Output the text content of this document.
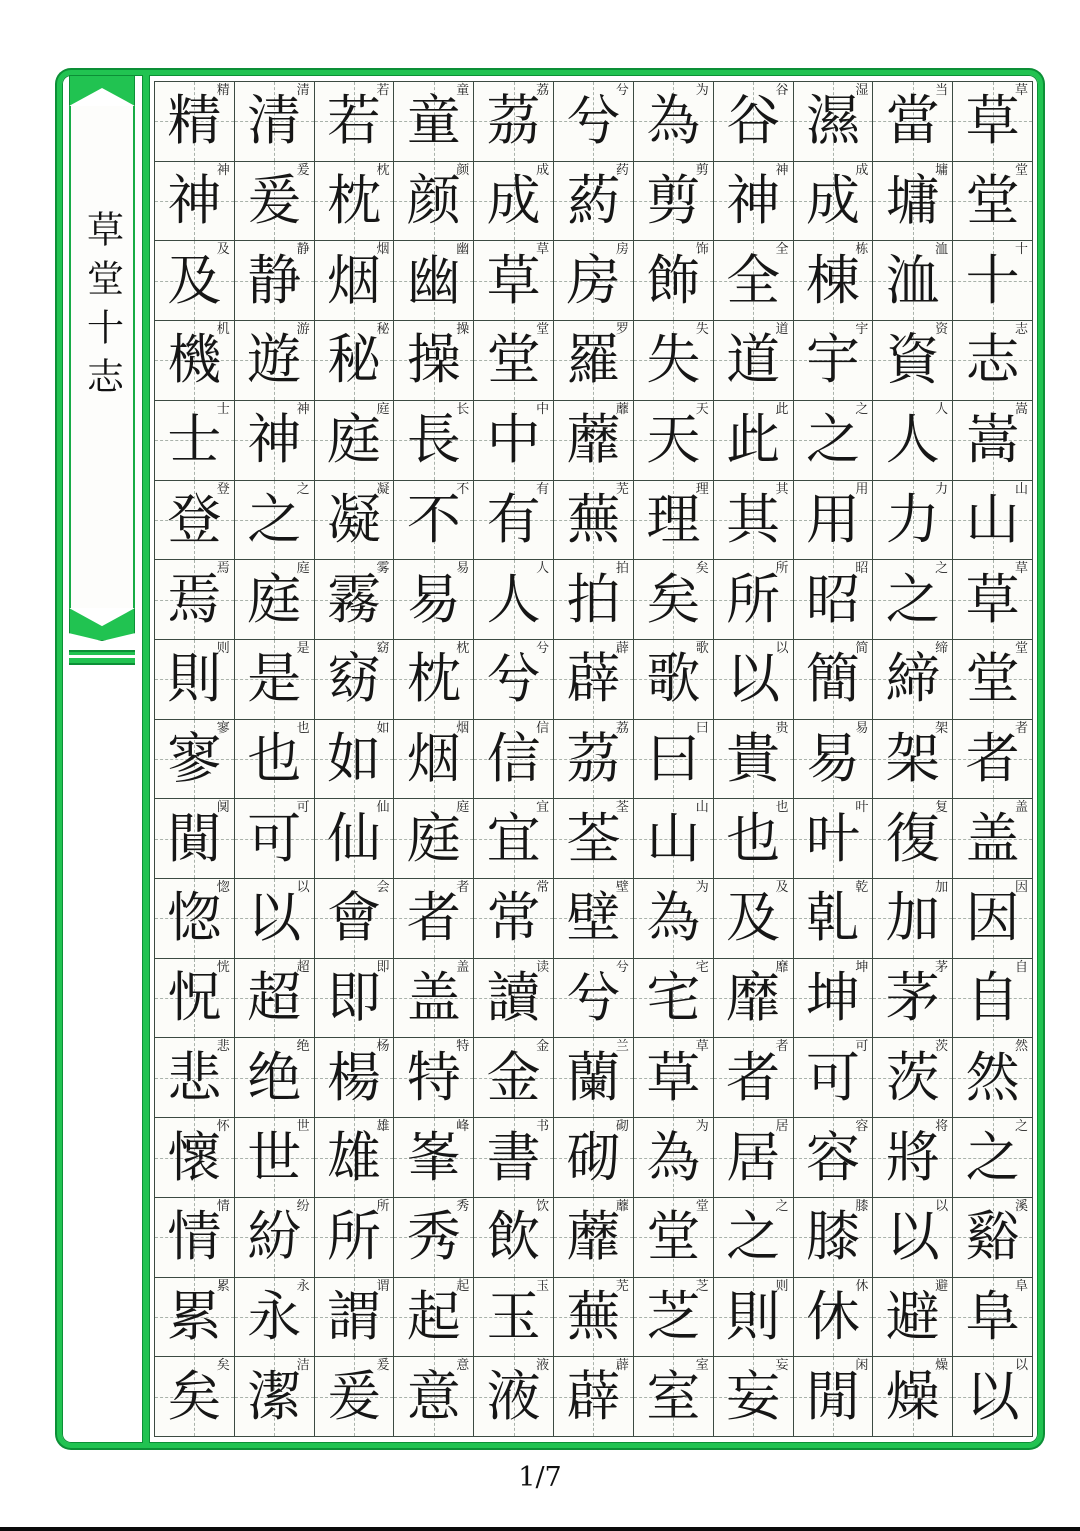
草堂十志
精
精 清
清 若
若 童
童 茘
荔 兮
兮 為
为 谷
谷 濕
湿 當
当 草
草
神
神 爰
爰 枕
枕 颜
颜 成
成 葯
药 剪
剪 神
神 成
成 墉
墉 堂
堂
及
及 静
静 烟
烟 幽
幽 草
草 房
房 飾
饰 全
全 棟
栋 洫
洫 十
十
機
机 遊
游 秘
秘 操
操 堂
堂 羅
罗 失
失 道
道 宇
宇 資
资 志
志
士
士 神
神 庭
庭 長
长 中
中 蘼
蘼 天
天 此
此 之
之 人
人 嵩
嵩
登
登 之
之 凝
凝 不
不 有
有 蕪
芜 理
理 其
其 用
用 力
力 山
山
焉
焉 庭
庭 霧
雾 易
易 人
人 拍
拍 矣
矣 所
所 昭
昭 之
之 草
草
則
则 是
是 窈
窈 枕
枕 兮
兮 薜
薜 歌
歌 以
以 簡
简 締
缔 堂
堂
寥
寥 也
也 如
如 烟
烟 信
信 茘
荔 曰
曰 貴
贵 易
易 架
架 者
者
閴
阒 可
可 仙
仙 庭
庭 宜
宜 荃
荃 山
山 也
也 叶
叶 復
复 盖
盖
惚
惚 以
以 會
会 者
者 常
常 壁
壁 為
为 及
及 乹
乾 加
加 因
因
怳
恍 超
超 即
即 盖
盖 讀
读 兮
兮 宅
宅 靡
靡 坤
坤 茅
茅 自
自
悲
悲 绝
绝 楊
杨 特
特 金
金 蘭
兰 草
草 者
者 可
可 茨
茨 然
然
懷
怀 世
世 雄
雄 峯
峰 書
书 砌
砌 為
为 居
居 容
容 將
将 之
之
情
情 紛
纷 所
所 秀
秀 飲
饮 蘼
蘼 堂
堂 之
之 膝
膝 以
以 谿
溪
累
累 永
永 謂
谓 起
起 玉
玉 蕪
芜 芝
芝 則
则 休
休 避
避 阜
阜
矣
矣 潔
洁 爰
爰 意
意 液
液 薜
薜 室
室 妄
妄 閒
闲 燥
燥 以
以
1/7
